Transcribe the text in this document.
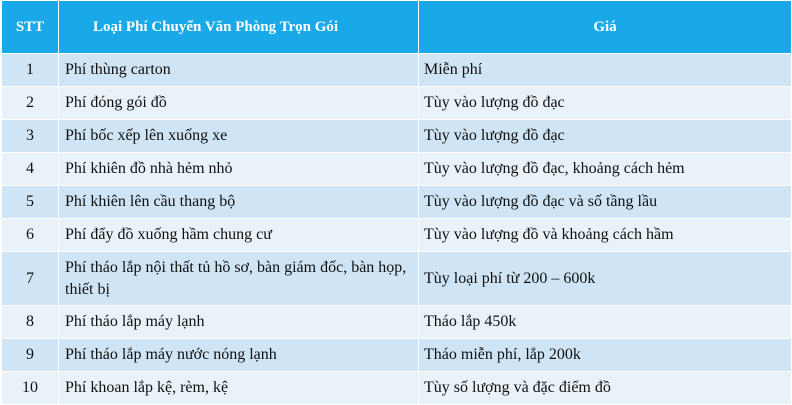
STT	Loại Phí Chuyển Văn Phòng Trọn Gói	Giá
1	Phí thùng carton	Miễn phí
2	Phí đóng gói đồ	Tùy vào lượng đồ đạc
3	Phí bốc xếp lên xuống xe	Tùy vào lượng đồ đạc
4	Phí khiên đồ nhà hẻm nhỏ	Tùy vào lượng đồ đạc, khoảng cách hẻm
5	Phí khiên lên cầu thang bộ	Tùy vào lượng đồ đạc và số tầng lầu
6	Phí đẩy đồ xuống hầm chung cư	Tùy vào lượng đồ và khoảng cách hầm
7	Phí tháo lắp nội thất tủ hồ sơ, bàn giám đốc, bàn họp, thiết bị	Tùy loại phí từ 200 – 600k
8	Phí tháo lắp máy lạnh	Tháo lắp 450k
9	Phí tháo lắp máy nước nóng lạnh	Tháo miễn phí, lắp 200k
10	Phí khoan lắp kệ, rèm, kệ	Tùy số lượng và đặc điểm đồ
